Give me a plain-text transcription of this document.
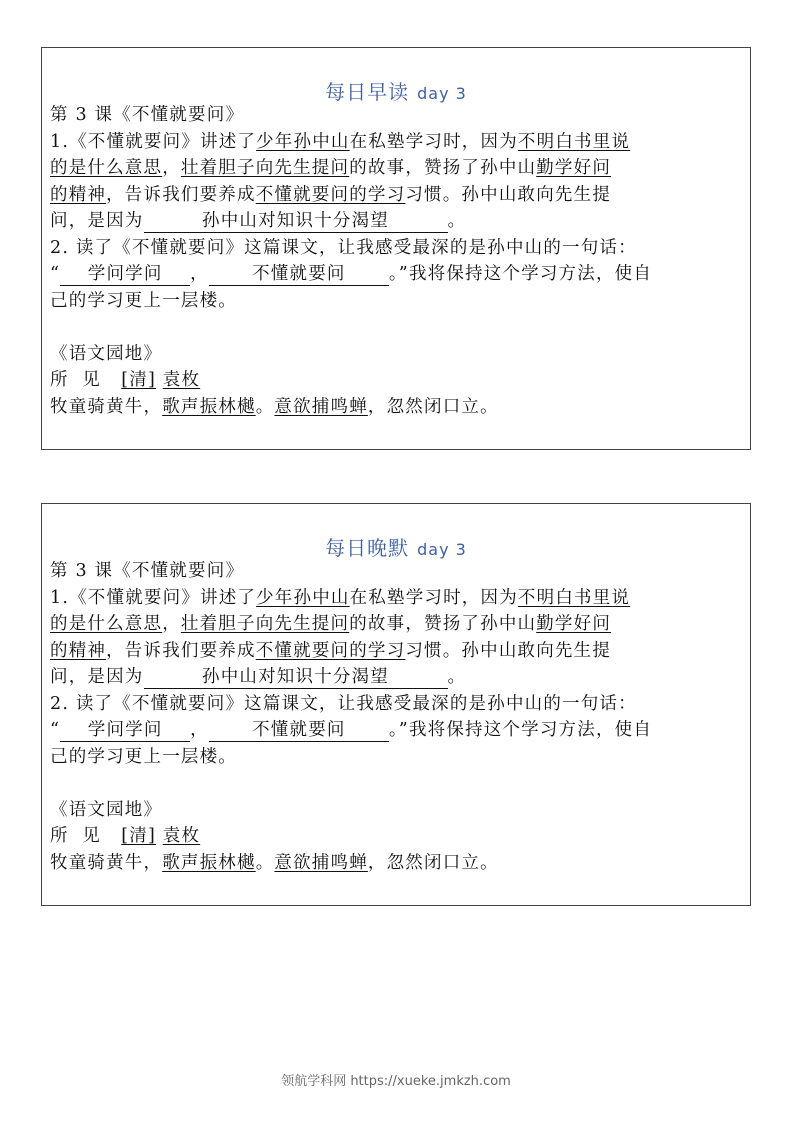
每日早读 day 3
第 3 课《不懂就要问》
1.《不懂就要问》讲述了少年孙中山在私塾学习时，因为不明白书里说
的是什么意思，壮着胆子向先生提问的故事，赞扬了孙中山勤学好问
的精神，告诉我们要养成不懂就要问的学习习惯。孙中山敢向先生提
问，是因为	孙中山对知识十分渴望	。
2. 读了《不懂就要问》这篇课文，让我感受最深的是孙中山的一句话：
“ 学问学问 ， 不懂就要问 。”我将保持这个学习方法，使自
己的学习更上一层楼。
《语文园地》
所  见 [清] 袁枚
牧童骑黄牛，歌声振林樾。意欲捕鸣蝉，忽然闭口立。
每日晚默 day 3
第 3 课《不懂就要问》
1.《不懂就要问》讲述了少年孙中山在私塾学习时，因为不明白书里说
的是什么意思，壮着胆子向先生提问的故事，赞扬了孙中山勤学好问
的精神，告诉我们要养成不懂就要问的学习习惯。孙中山敢向先生提
问，是因为	孙中山对知识十分渴望	。
2. 读了《不懂就要问》这篇课文，让我感受最深的是孙中山的一句话：
“ 学问学问 ， 不懂就要问 。”我将保持这个学习方法，使自
己的学习更上一层楼。
《语文园地》
所  见 [清] 袁枚
牧童骑黄牛，歌声振林樾。意欲捕鸣蝉，忽然闭口立。
领航学科网 https://xueke.jmkzh.com
